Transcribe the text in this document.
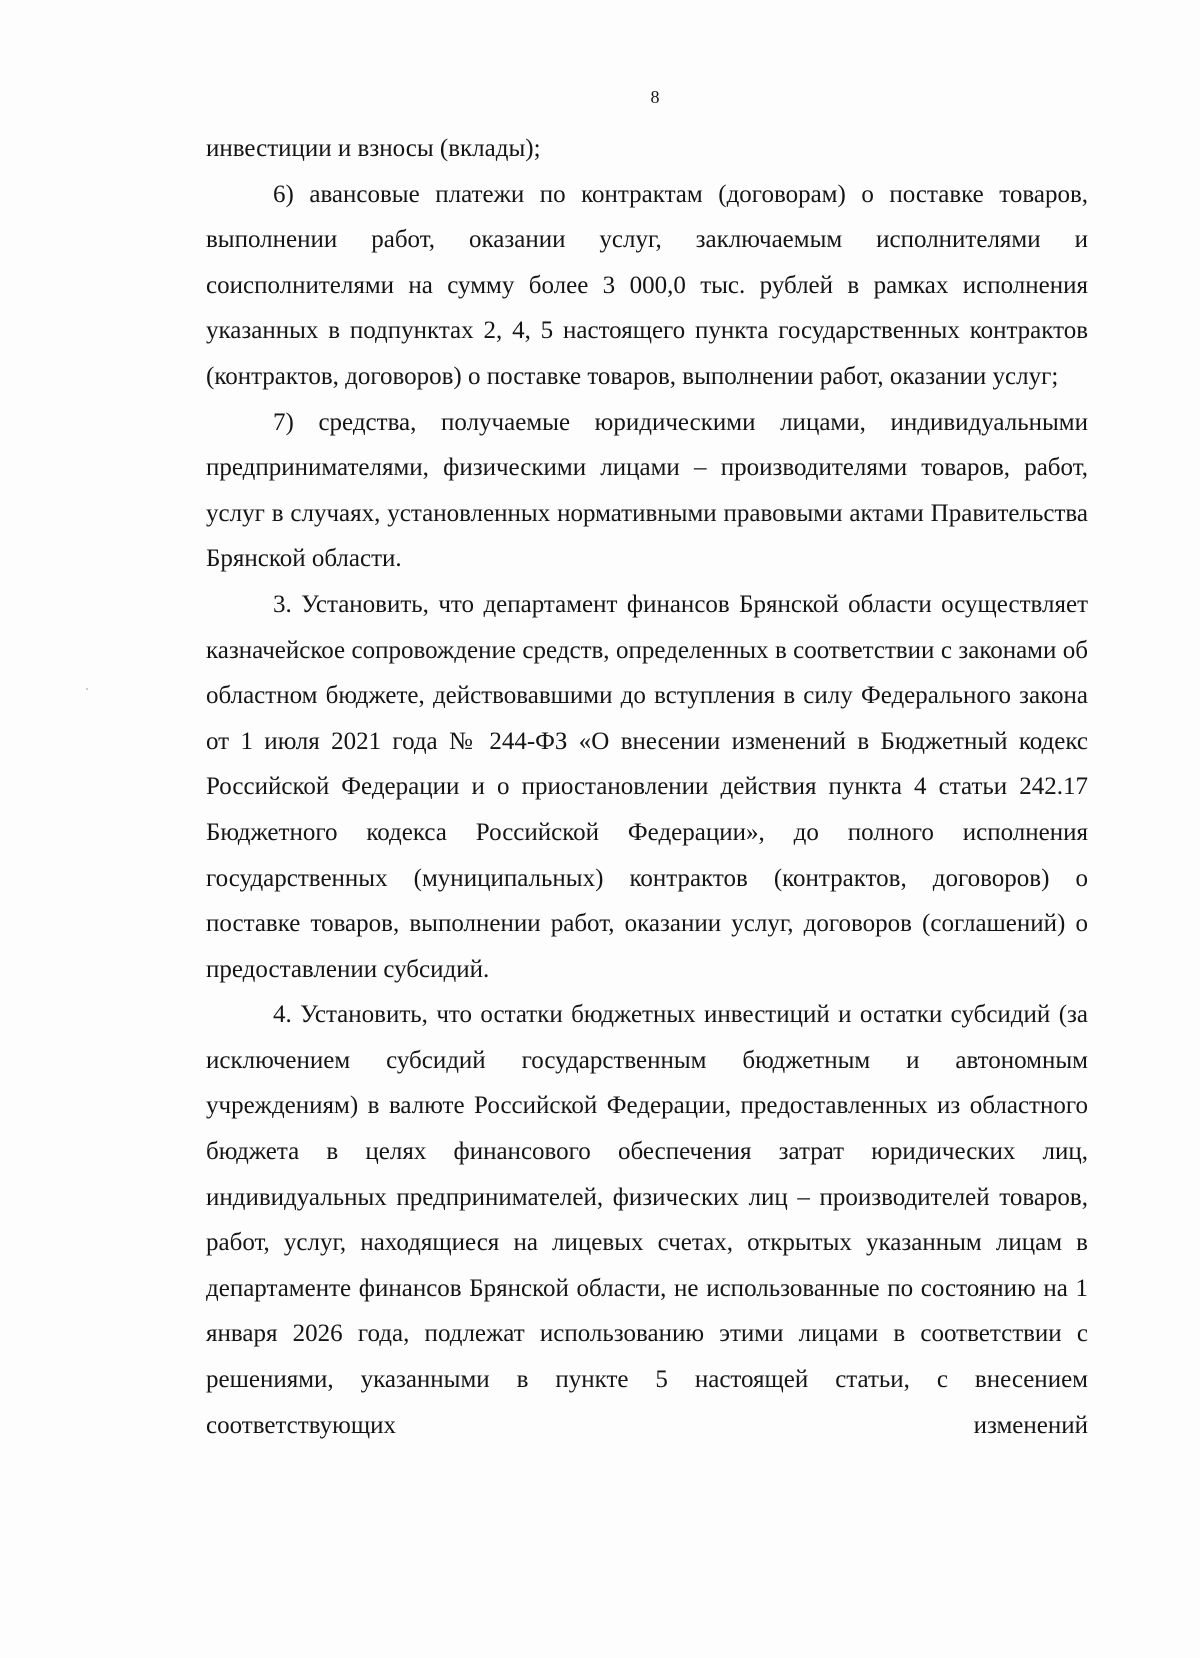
8

инвестиции и взносы (вклады);

6) авансовые платежи по контрактам (договорам) о поставке товаров, выполнении работ, оказании услуг, заключаемым исполнителями и соисполнителями на сумму более 3 000,0 тыс. рублей в рамках исполнения указанных в подпунктах 2, 4, 5 настоящего пункта государственных контрактов (контрактов, договоров) о поставке товаров, выполнении работ, оказании услуг;

7) средства, получаемые юридическими лицами, индивидуальными предпринимателями, физическими лицами – производителями товаров, работ, услуг в случаях, установленных нормативными правовыми актами Правительства Брянской области.

3. Установить, что департамент финансов Брянской области осуществляет казначейское сопровождение средств, определенных в соответствии с законами об областном бюджете, действовавшими до вступления в силу Федерального закона от 1 июля 2021 года № 244-ФЗ «О внесении изменений в Бюджетный кодекс Российской Федерации и о приостановлении действия пункта 4 статьи 242.17 Бюджетного кодекса Российской Федерации», до полного исполнения государственных (муниципальных) контрактов (контрактов, договоров) о поставке товаров, выполнении работ, оказании услуг, договоров (соглашений) о предоставлении субсидий.

4. Установить, что остатки бюджетных инвестиций и остатки субсидий (за исключением субсидий государственным бюджетным и автономным учреждениям) в валюте Российской Федерации, предоставленных из областного бюджета в целях финансового обеспечения затрат юридических лиц, индивидуальных предпринимателей, физических лиц – производителей товаров, работ, услуг, находящиеся на лицевых счетах, открытых указанным лицам в департаменте финансов Брянской области, не использованные по состоянию на 1 января 2026 года, подлежат использованию этими лицами в соответствии с решениями, указанными в пункте 5 настоящей статьи, с внесением соответствующих изменений
